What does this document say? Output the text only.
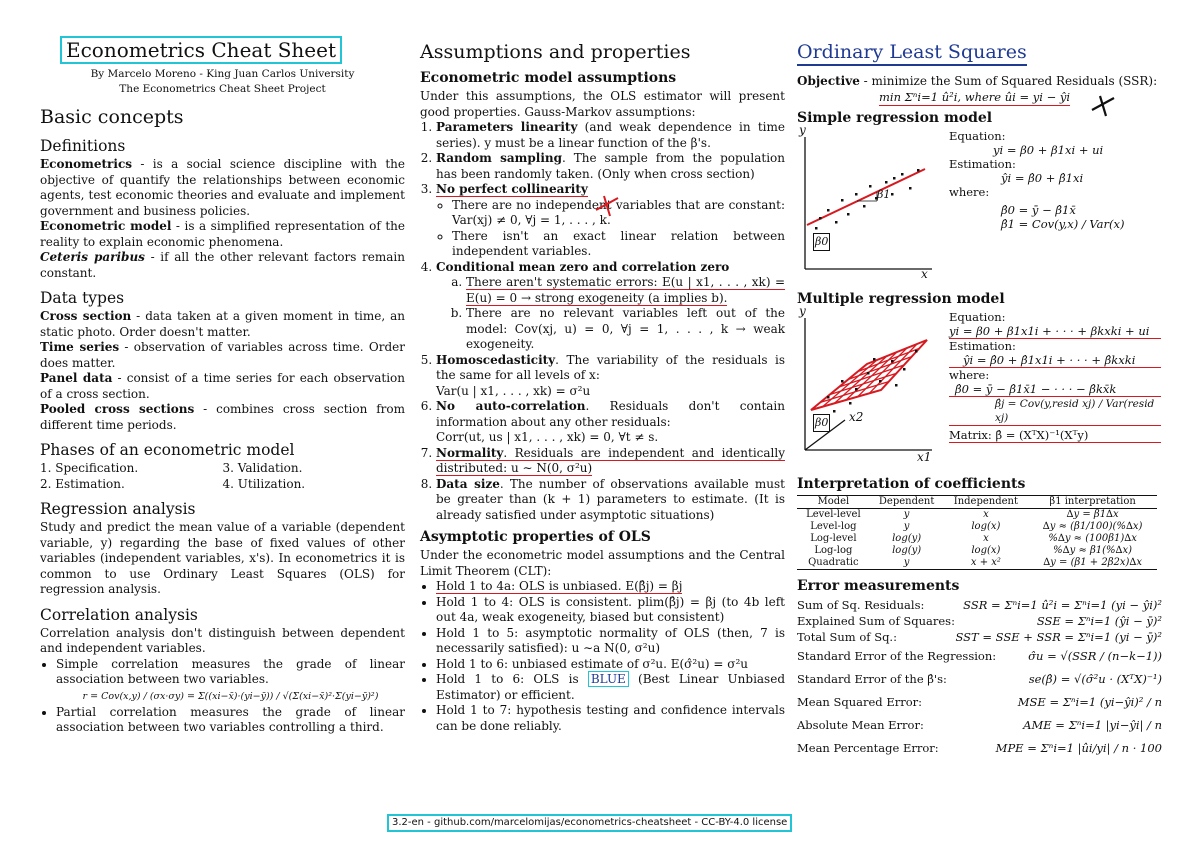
Econometrics Cheat Sheet
By Marcelo Moreno - King Juan Carlos University
The Econometrics Cheat Sheet Project
Basic concepts
Definitions

Econometrics - is a social science discipline with the objective of quantify the relationships between economic agents, test economic theories and evaluate and implement government and business policies.

Econometric model - is a simplified representation of the reality to explain economic phenomena.

Ceteris paribus - if all the other relevant factors remain constant.

Data types

Cross section - data taken at a given moment in time, an static photo. Order doesn't matter.

Time series - observation of variables across time. Order does matter.

Panel data - consist of a time series for each observation of a cross section.

Pooled cross sections - combines cross section from different time periods.

Phases of an econometric model
1. Specification.	3. Validation.
2. Estimation.	4. Utilization.
Regression analysis

Study and predict the mean value of a variable (dependent variable, y) regarding the base of fixed values of other variables (independent variables, x's). In econometrics it is common to use Ordinary Least Squares (OLS) for regression analysis.

Correlation analysis

Correlation analysis don't distinguish between dependent and independent variables.

• Simple correlation measures the grade of linear association between two variables.
r = Cov(x,y) / (σx·σy) = Σ((xi−x̄)·(yi−ȳ)) / √(Σ(xi−x̄)²·Σ(yi−ȳ)²)
• Partial correlation measures the grade of linear association between two variables controlling a third.
Assumptions and properties
Econometric model assumptions

Under this assumptions, the OLS estimator will present good properties. Gauss-Markov assumptions:

1. Parameters linearity (and weak dependence in time series). y must be a linear function of the β's.
2. Random sampling. The sample from the population has been randomly taken. (Only when cross section)
3. No perfect collinearity
◦ There are no independent variables that are constant: Var(xj) ≠ 0, ∀j = 1, . . . , k.
◦ There isn't an exact linear relation between independent variables.
4. Conditional mean zero and correlation zero
a. There aren't systematic errors: E(u | x1, . . . , xk) = E(u) = 0 → strong exogeneity (a implies b).
b. There are no relevant variables left out of the model: Cov(xj, u) = 0, ∀j = 1, . . . , k → weak exogeneity.
5. Homoscedasticity. The variability of the residuals is the same for all levels of x:
Var(u | x1, . . . , xk) = σ²u
6. No auto-correlation. Residuals don't contain information about any other residuals:
Corr(ut, us | x1, . . . , xk) = 0, ∀t ≠ s.
7. Normality. Residuals are independent and identically distributed: u ∼ N(0, σ²u)
8. Data size. The number of observations available must be greater than (k + 1) parameters to estimate. (It is already satisfied under asymptotic situations)
Asymptotic properties of OLS

Under the econometric model assumptions and the Central Limit Theorem (CLT):

• Hold 1 to 4a: OLS is unbiased. E(β̂j) = βj
• Hold 1 to 4: OLS is consistent. plim(β̂j) = βj (to 4b left out 4a, weak exogeneity, biased but consistent)
• Hold 1 to 5: asymptotic normality of OLS (then, 7 is necessarily satisfied): u ∼a N(0, σ²u)
• Hold 1 to 6: unbiased estimate of σ²u. E(σ̂²u) = σ²u
• Hold 1 to 6: OLS is BLUE (Best Linear Unbiased Estimator) or efficient.
• Hold 1 to 7: hypothesis testing and confidence intervals can be done reliably.
Ordinary Least Squares

Objective - minimize the Sum of Squared Residuals (SSR):

min Σⁿi=1 û²i, where ûi = yi − ŷi
Simple regression model
y
x
β0
β1
Equation:
yi = β0 + β1xi + ui
Estimation:
ŷi = β̂0 + β̂1xi
where:
β̂0 = ȳ − β̂1x̄
β̂1 = Cov(y,x) / Var(x)
Multiple regression model
y
x1
x2
β0
Equation:
yi = β0 + β1x1i + · · · + βkxki + ui
Estimation:
ŷi = β̂0 + β̂1x1i + · · · + β̂kxki
where:
β̂0 = ȳ − β̂1x̄1 − · · · − β̂kx̄k
β̂j = Cov(y,resid xj) / Var(resid xj)
Matrix: β̂ = (XᵀX)⁻¹(Xᵀy)
Interpretation of coefficients
Model	Dependent	Independent	β1 interpretation
Level-level	y	x	∆y = β1∆x
Level-log	y	log(x)	∆y ≈ (β1/100)(%∆x)
Log-level	log(y)	x	%∆y ≈ (100β1)∆x
Log-log	log(y)	log(x)	%∆y ≈ β1(%∆x)
Quadratic	y	x + x²	∆y = (β1 + 2β2x)∆x
Error measurements
Sum of Sq. Residuals:	SSR = Σⁿi=1 û²i = Σⁿi=1 (yi − ŷi)²
Explained Sum of Squares:	SSE = Σⁿi=1 (ŷi − ȳ)²
Total Sum of Sq.:	SST = SSE + SSR = Σⁿi=1 (yi − ȳ)²
Standard Error of the Regression:	σ̂u = √(SSR / (n−k−1))
Standard Error of the β̂'s:	se(β̂) = √(σ̂²u · (XᵀX)⁻¹)
Mean Squared Error:	MSE = Σⁿi=1 (yi−ŷi)² / n
Absolute Mean Error:	AME = Σⁿi=1 |yi−ŷi| / n
Mean Percentage Error:	MPE = Σⁿi=1 |ûi/yi| / n · 100
3.2-en - github.com/marcelomijas/econometrics-cheatsheet - CC-BY-4.0 license
